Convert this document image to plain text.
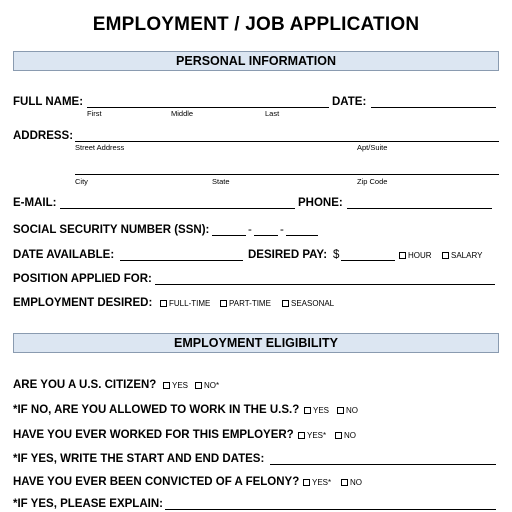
EMPLOYMENT / JOB APPLICATION
PERSONAL INFORMATION
FULL NAME:
First	Middle	Last
DATE:
ADDRESS:
Street Address	Apt/Suite
City	State	Zip Code
E-MAIL:	PHONE:
SOCIAL SECURITY NUMBER (SSN):	- -
DATE AVAILABLE:	DESIRED PAY: $	HOUR	SALARY
POSITION APPLIED FOR:
EMPLOYMENT DESIRED:	FULL-TIME	PART-TIME	SEASONAL
EMPLOYMENT ELIGIBILITY
ARE YOU A U.S. CITIZEN?	YES	NO*
*IF NO, ARE YOU ALLOWED TO WORK IN THE U.S.?	YES	NO
HAVE YOU EVER WORKED FOR THIS EMPLOYER?	YES*	NO
*IF YES, WRITE THE START AND END DATES:
HAVE YOU EVER BEEN CONVICTED OF A FELONY?	YES*	NO
*IF YES, PLEASE EXPLAIN:
